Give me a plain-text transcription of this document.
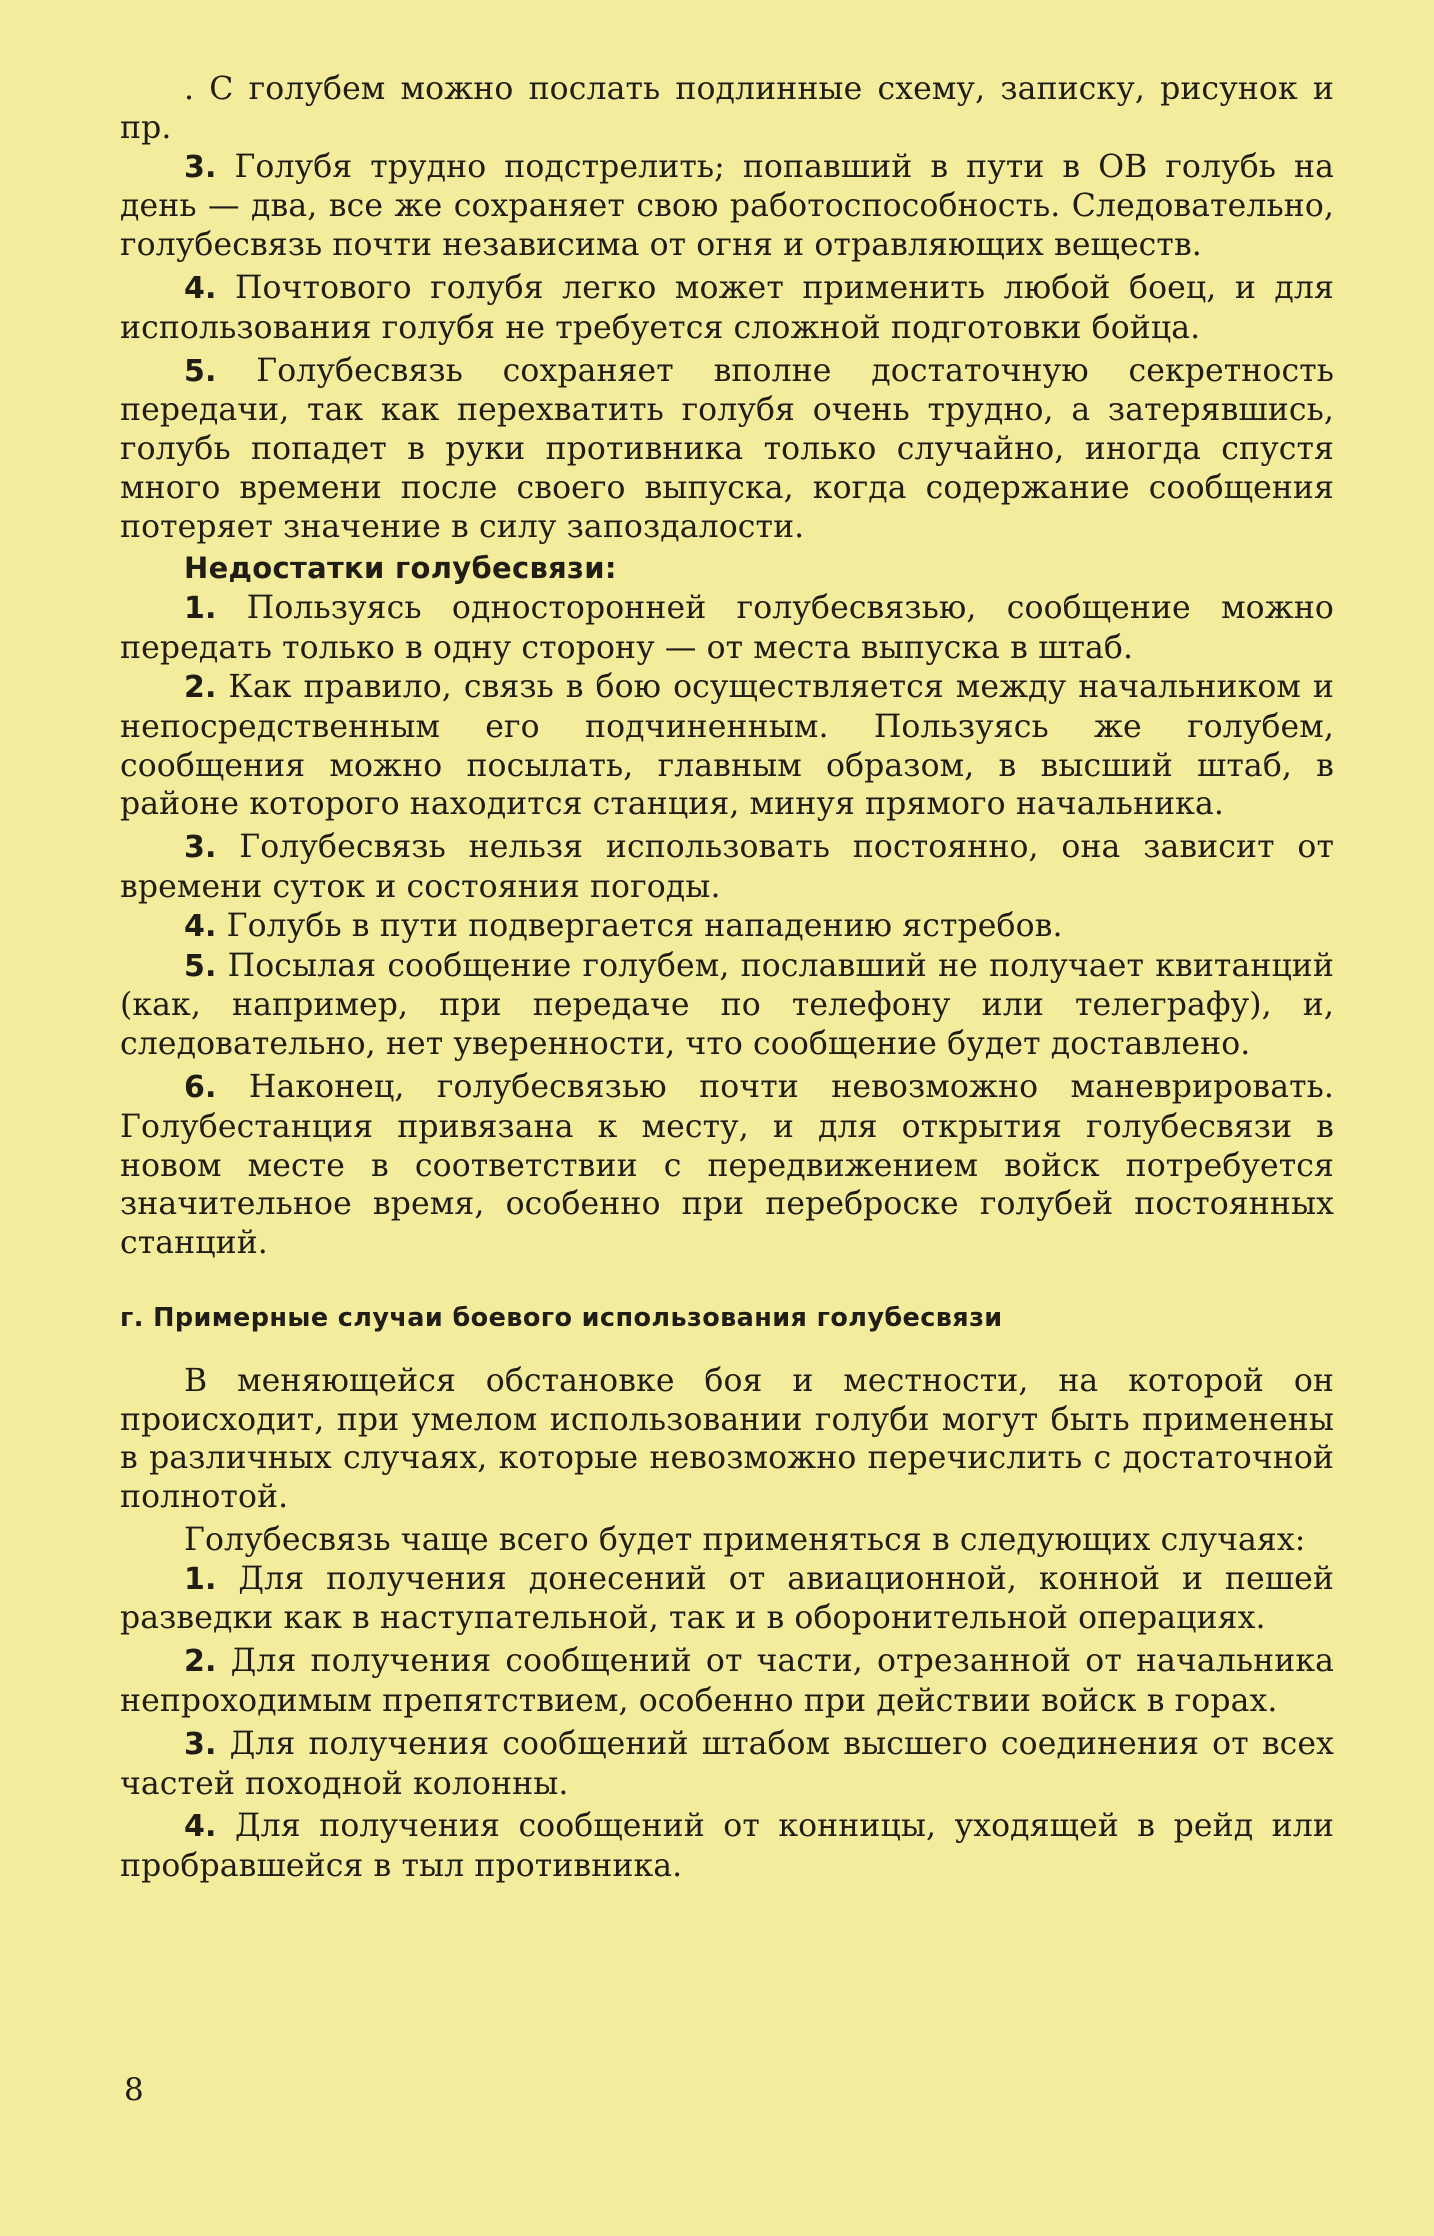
. С голубем можно послать подлинные схему, записку, рисунок и пр.

3. Голубя трудно подстрелить; попавший в пути в ОВ голубь на день — два, все же сохраняет свою работоспособность. Следовательно, голубесвязь почти независима от огня и отравляющих веществ.

4. Почтового голубя легко может применить любой боец, и для использования голубя не требуется сложной подготовки бойца.

5. Голубесвязь сохраняет вполне достаточную секретность передачи, так как перехватить голубя очень трудно, а затерявшись, голубь попадет в руки противника только случайно, иногда спустя много времени после своего выпуска, когда содержание сообщения потеряет значение в силу запоздалости.

Недостатки голубесвязи:

1. Пользуясь односторонней голубесвязью, сообщение можно передать только в одну сторону — от места выпуска в штаб.

2. Как правило, связь в бою осуществляется между начальником и непосредственным его подчиненным. Пользуясь же голубем, сообщения можно посылать, главным образом, в высший штаб, в районе которого находится станция, минуя прямого начальника.

3. Голубесвязь нельзя использовать постоянно, она зависит от времени суток и состояния погоды.

4. Голубь в пути подвергается нападению ястребов.

5. Посылая сообщение голубем, пославший не получает квитанций (как, например, при передаче по телефону или телеграфу), и, следовательно, нет уверенности, что сообщение будет доставлено.

6. Наконец, голубесвязью почти невозможно маневрировать. Голубестанция привязана к месту, и для открытия голубесвязи в новом месте в соответствии с передвижением войск потребуется значительное время, особенно при переброске голубей постоянных станций.

г. Примерные случаи боевого использования голубесвязи

В меняющейся обстановке боя и местности, на которой он происходит, при умелом использовании голуби могут быть применены в различных случаях, которые невозможно перечислить с достаточной полнотой.

Голубесвязь чаще всего будет применяться в следующих случаях:

1. Для получения донесений от авиационной, конной и пешей разведки как в наступательной, так и в оборонительной операциях.

2. Для получения сообщений от части, отрезанной от начальника непроходимым препятствием, особенно при действии войск в горах.

3. Для получения сообщений штабом высшего соединения от всех частей походной колонны.

4. Для получения сообщений от конницы, уходящей в рейд или пробравшейся в тыл противника.

8
